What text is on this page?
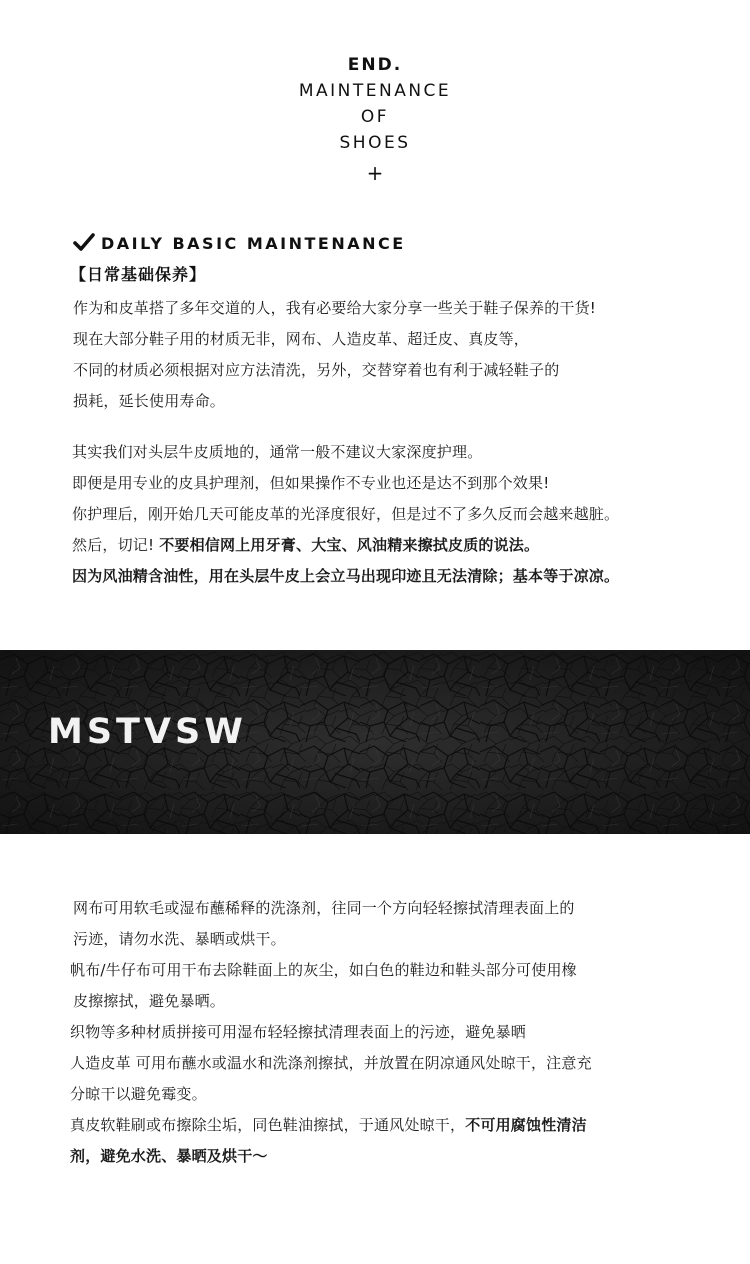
END.
MAINTENANCE
OF
SHOES
+
DAILY BASIC MAINTENANCE
【日常基础保养】
作为和皮革搭了多年交道的人，我有必要给大家分享一些关于鞋子保养的干货!
现在大部分鞋子用的材质无非，网布、人造皮革、超迁皮、真皮等，
不同的材质必须根据对应方法清洗，另外，交替穿着也有利于减轻鞋子的
损耗，延长使用寿命。
其实我们对头层牛皮质地的，通常一般不建议大家深度护理。
即便是用专业的皮具护理剂，但如果操作不专业也还是达不到那个效果!
你护理后，刚开始几天可能皮革的光泽度很好，但是过不了多久反而会越来越脏。
然后，切记! 不要相信网上用牙膏、大宝、风油精来擦拭皮质的说法。
因为风油精含油性，用在头层牛皮上会立马出现印迹且无法清除；基本等于凉凉。
MSTVSW
网布可用软毛或湿布蘸稀释的洗涤剂，往同一个方向轻轻擦拭清理表面上的
污迹，请勿水洗、暴晒或烘干。
帆布/牛仔布可用干布去除鞋面上的灰尘，如白色的鞋边和鞋头部分可使用橡
皮擦擦拭，避免暴晒。
织物等多种材质拼接可用湿布轻轻擦拭清理表面上的污迹，避免暴晒
人造皮革 可用布蘸水或温水和洗涤剂擦拭，并放置在阴凉通风处晾干，注意充
分晾干以避免霉变。
真皮软鞋刷或布擦除尘垢，同色鞋油擦拭，于通风处晾干，不可用腐蚀性清洁
剂，避免水洗、暴晒及烘干～
